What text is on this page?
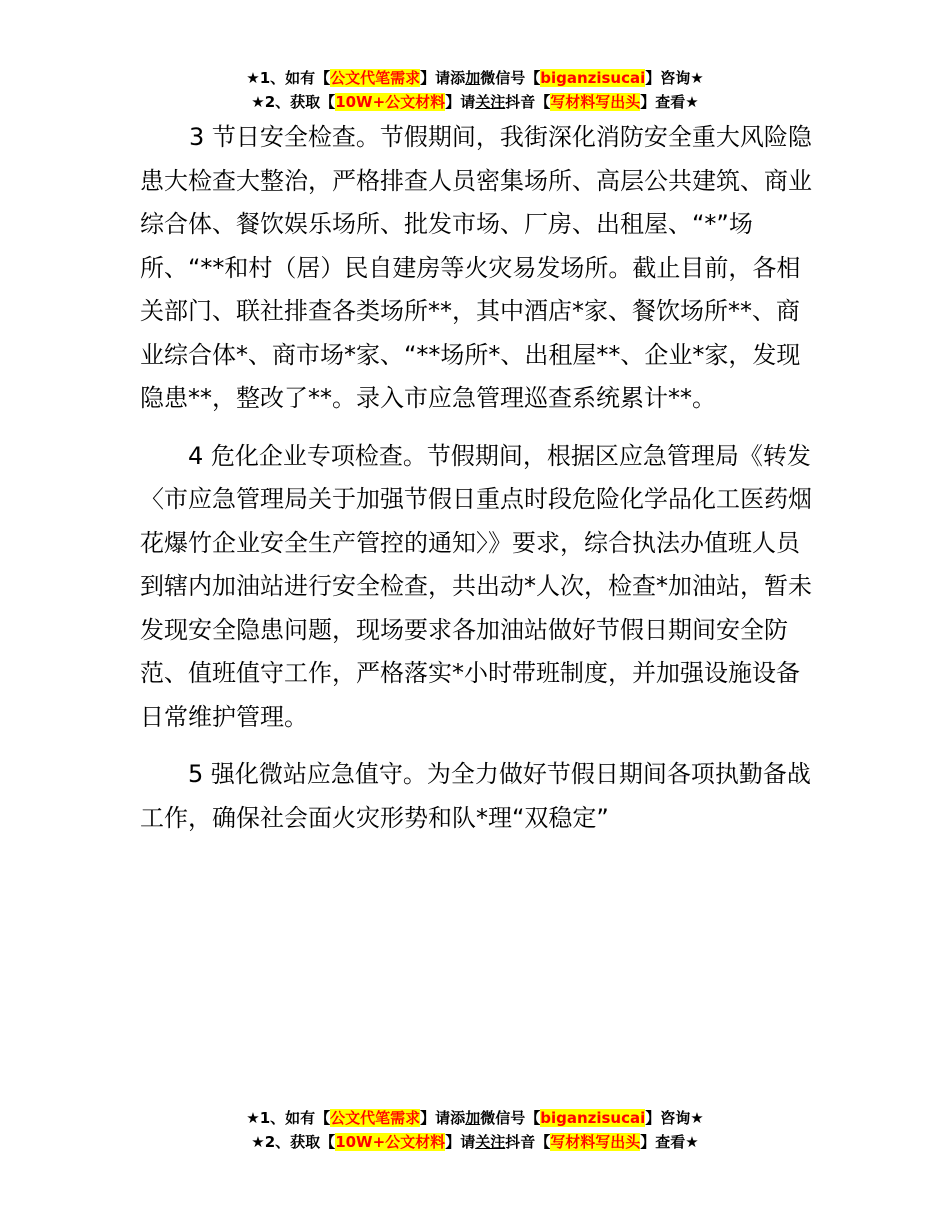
★1、如有【公文代笔需求】请添加微信号【biganzisucai】咨询★
★2、获取【10W+公文材料】请关注抖音【写材料写出头】查看★

3 节日安全检查。节假期间，我街深化消防安全重大风险隐患大检查大整治，严格排查人员密集场所、高层公共建筑、商业综合体、餐饮娱乐场所、批发市场、厂房、出租屋、“*”场所、“**和村（居）民自建房等火灾易发场所。截止目前，各相关部门、联社排查各类场所**，其中酒店*家、餐饮场所**、商业综合体*、商市场*家、“**场所*、出租屋**、企业*家，发现隐患**，整改了**。录入市应急管理巡查系统累计**。

4 危化企业专项检查。节假期间，根据区应急管理局《转发〈市应急管理局关于加强节假日重点时段危险化学品化工医药烟花爆竹企业安全生产管控的通知〉》要求，综合执法办值班人员到辖内加油站进行安全检查，共出动*人次，检查*加油站，暂未发现安全隐患问题，现场要求各加油站做好节假日期间安全防范、值班值守工作，严格落实*小时带班制度，并加强设施设备日常维护管理。

5 强化微站应急值守。为全力做好节假日期间各项执勤备战工作，确保社会面火灾形势和队*理“双稳定”

★1、如有【公文代笔需求】请添加微信号【biganzisucai】咨询★
★2、获取【10W+公文材料】请关注抖音【写材料写出头】查看★
